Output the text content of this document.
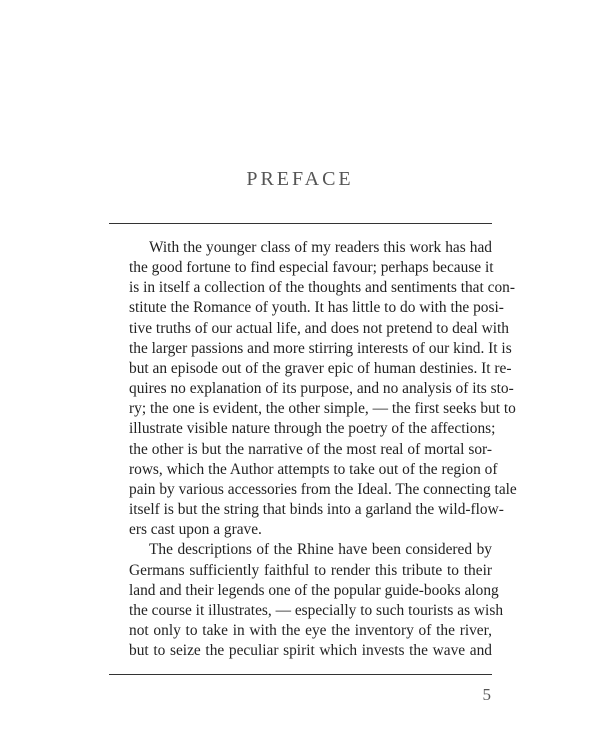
PREFACE
With the younger class of my readers this work has had
the good fortune to find especial favour; perhaps because it
is in itself a collection of the thoughts and sentiments that con-
stitute the Romance of youth. It has little to do with the posi-
tive truths of our actual life, and does not pretend to deal with
the larger passions and more stirring interests of our kind. It is
but an episode out of the graver epic of human destinies. It re-
quires no explanation of its purpose, and no analysis of its sto-
ry; the one is evident, the other simple, — the first seeks but to
illustrate visible nature through the poetry of the affections;
the other is but the narrative of the most real of mortal sor-
rows, which the Author attempts to take out of the region of
pain by various accessories from the Ideal. The connecting tale
itself is but the string that binds into a garland the wild-flow-
ers cast upon a grave.
The descriptions of the Rhine have been considered by
Germans sufficiently faithful to render this tribute to their
land and their legends one of the popular guide-books along
the course it illustrates, — especially to such tourists as wish
not only to take in with the eye the inventory of the river,
but to seize the peculiar spirit which invests the wave and
5
